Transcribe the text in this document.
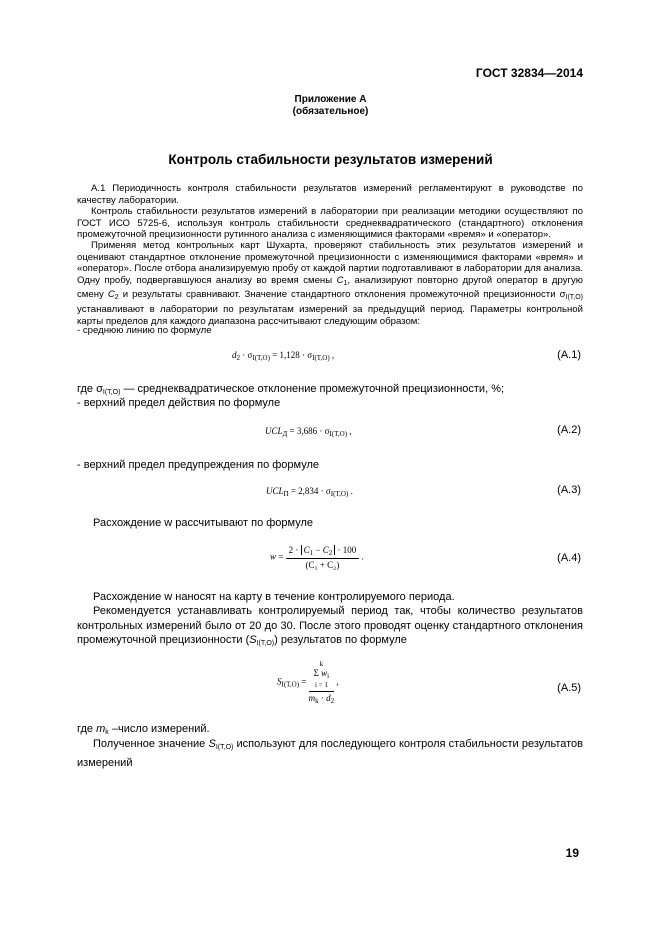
ГОСТ 32834—2014
Приложение А
(обязательное)
Контроль стабильности результатов измерений
А.1 Периодичность контроля стабильности результатов измерений регламентируют в руководстве по качеству лаборатории.
Контроль стабильности результатов измерений в лаборатории при реализации методики осуществляют по ГОСТ ИСО 5725-6, используя контроль стабильности среднеквадратического (стандартного) отклонения промежуточной прецизионности рутинного анализа с изменяющимися факторами «время» и «оператор».
Применяя метод контрольных карт Шухарта, проверяют стабильность этих результатов измерений и оценивают стандартное отклонение промежуточной прецизионности с изменяющимися факторами «время» и «оператор». После отбора анализируемую пробу от каждой партии подготавливают в лаборатории для анализа. Одну пробу, подвергавшуюся анализу во время смены $C_1$, анализируют повторно другой оператор в другую смену $C_2$ и результаты сравнивают. Значение стандартного отклонения промежуточной прецизионности $\sigma_{I(T,O)}$ устанавливают в лаборатории по результатам измерений за предыдущий период. Параметры контрольной карты пределов для каждого диапазона рассчитывают следующим образом:
- среднюю линию по формуле
$d_2 \cdot \sigma_{I(T,O)} = 1,128 \cdot \sigma_{I(T,O)}$ ,	(А.1)
где $\sigma_{I(T,O)}$ — среднеквадратическое отклонение промежуточной прецизионности, %;
- верхний предел действия по формуле
$UCL_Д = 3,686 \cdot \sigma_{I(T,O)}$ ,	(А.2)
- верхний предел предупреждения по формуле
$UCL_П = 2,834 \cdot \sigma_{I(T,O)}$ .	(А.3)
Расхождение w рассчитывают по формуле
$w = \frac{2 \cdot C_1 - C_2 \cdot 100}{\text{(C₁ + C₂)}}$ .	(А.4)
Расхождение w наносят на карту в течение контролируемого периода.
Рекомендуется устанавливать контролируемый период так, чтобы количество результатов контрольных измерений было от 20 до 30. После этого проводят оценку стандартного отклонения промежуточной прецизионности $(S_{I(T,O)})$ результатов по формуле
$S_{I(T,O)} = k$
Σ $w_i$
i = 1
$m_k \cdot d_2$ ,
(А.5)
где $m_k$ –число измерений.
Полученное значение $S_{I(T,O)}$ используют для последующего контроля стабильности результатов измерений
19
